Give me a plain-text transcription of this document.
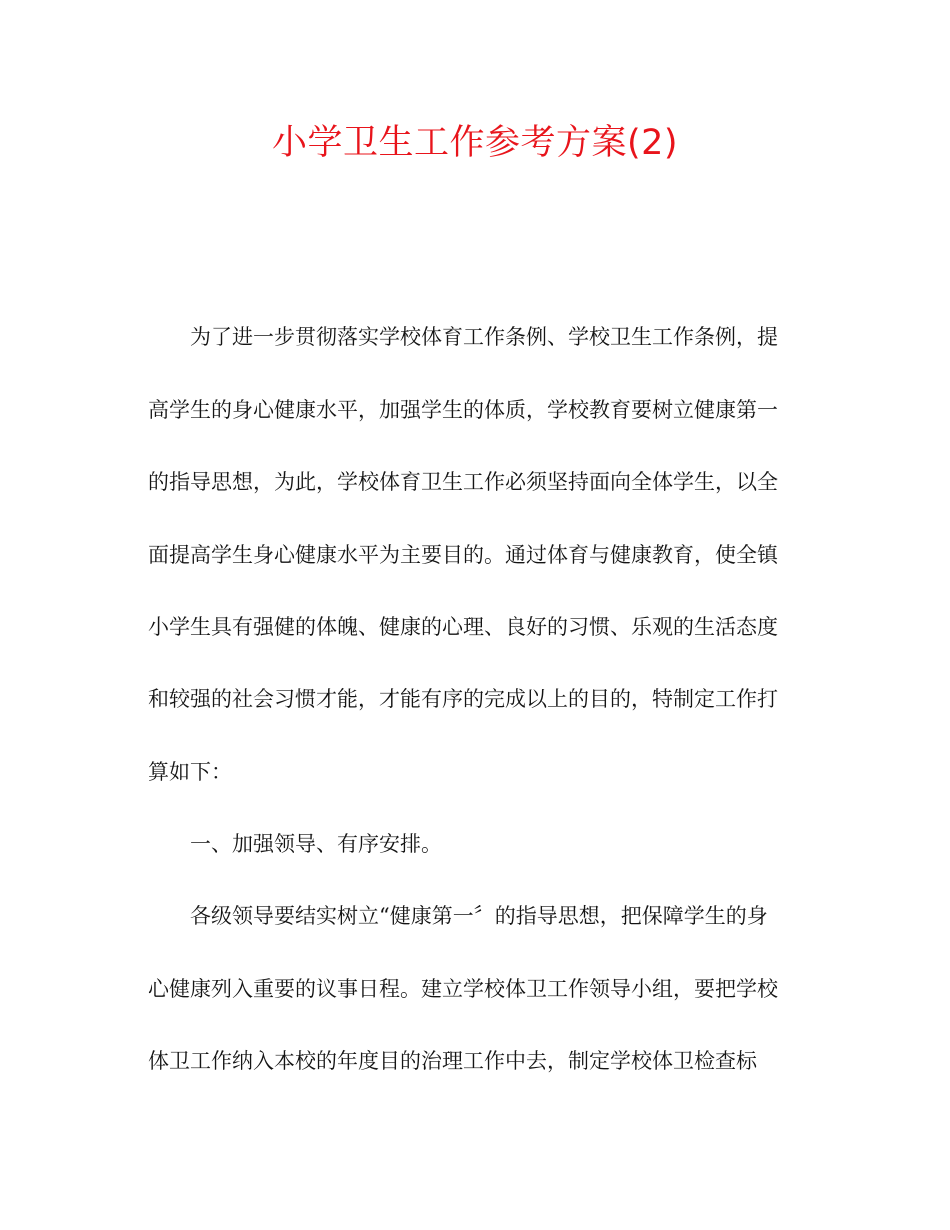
小学卫生工作参考方案(2)
　　为了进一步贯彻落实学校体育工作条例、学校卫生工作条例，提
高学生的身心健康水平，加强学生的体质，学校教育要树立健康第一
的指导思想，为此，学校体育卫生工作必须坚持面向全体学生，以全
面提高学生身心健康水平为主要目的。通过体育与健康教育，使全镇
小学生具有强健的体魄、健康的心理、良好的习惯、乐观的生活态度
和较强的社会习惯才能，才能有序的完成以上的目的，特制定工作打
算如下：
　　一、加强领导、有序安排。
　　各级领导要结实树立“健康第一〞的指导思想，把保障学生的身
心健康列入重要的议事日程。建立学校体卫工作领导小组，要把学校
体卫工作纳入本校的年度目的治理工作中去，制定学校体卫检查标
